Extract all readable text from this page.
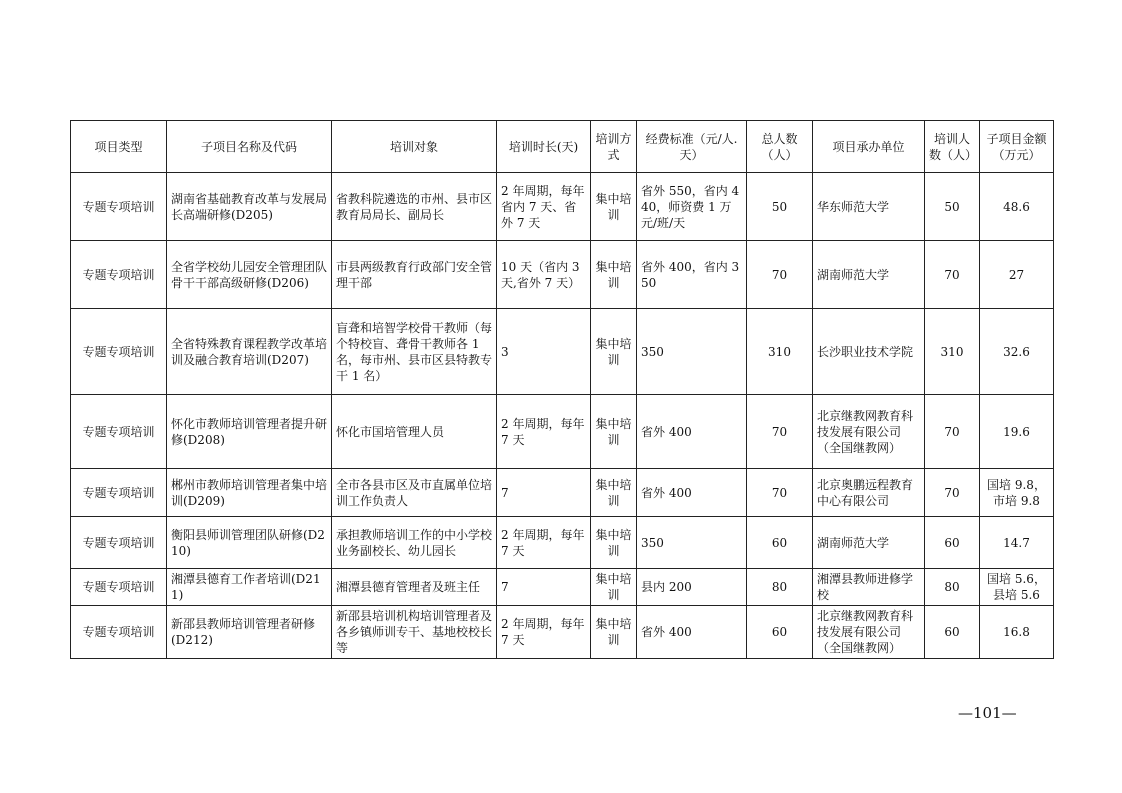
项目类型	子项目名称及代码	培训对象	培训时长(天)	培训方式	经费标准（元/人.天）	总人数（人）	项目承办单位	培训人数（人）	子项目金额（万元）
专题专项培训	湖南省基础教育改革与发展局长高端研修(D205)	省教科院遴选的市州、县市区教育局局长、副局长	2 年周期，每年省内 7 天、省外 7 天	集中培训	省外 550，省内 440，师资费 1 万元/班/天	50	华东师范大学	50	48.6
专题专项培训	全省学校幼儿园安全管理团队骨干干部高级研修(D206)	市县两级教育行政部门安全管理干部	10 天（省内 3 天,省外 7 天）	集中培训	省外 400，省内 350	70	湖南师范大学	70	27
专题专项培训	全省特殊教育课程教学改革培训及融合教育培训(D207)	盲聋和培智学校骨干教师（每个特校盲、聋骨干教师各 1 名，每市州、县市区县特教专干 1 名）	3	集中培训	350	310	长沙职业技术学院	310	32.6
专题专项培训	怀化市教师培训管理者提升研修(D208)	怀化市国培管理人员	2 年周期，每年 7 天	集中培训	省外 400	70	北京继教网教育科技发展有限公司（全国继教网）	70	19.6
专题专项培训	郴州市教师培训管理者集中培训(D209)	全市各县市区及市直属单位培训工作负责人	7	集中培训	省外 400	70	北京奥鹏远程教育中心有限公司	70	国培 9.8，市培 9.8
专题专项培训	衡阳县师训管理团队研修(D210)	承担教师培训工作的中小学校业务副校长、幼儿园长	2 年周期，每年 7 天	集中培训	350	60	湖南师范大学	60	14.7
专题专项培训	湘潭县德育工作者培训(D211)	湘潭县德育管理者及班主任	7	集中培训	县内 200	80	湘潭县教师进修学校	80	国培 5.6，县培 5.6
专题专项培训	新邵县教师培训管理者研修(D212)	新邵县培训机构培训管理者及各乡镇师训专干、基地校校长等	2 年周期，每年 7 天	集中培训	省外 400	60	北京继教网教育科技发展有限公司（全国继教网）	60	16.8
—101—
